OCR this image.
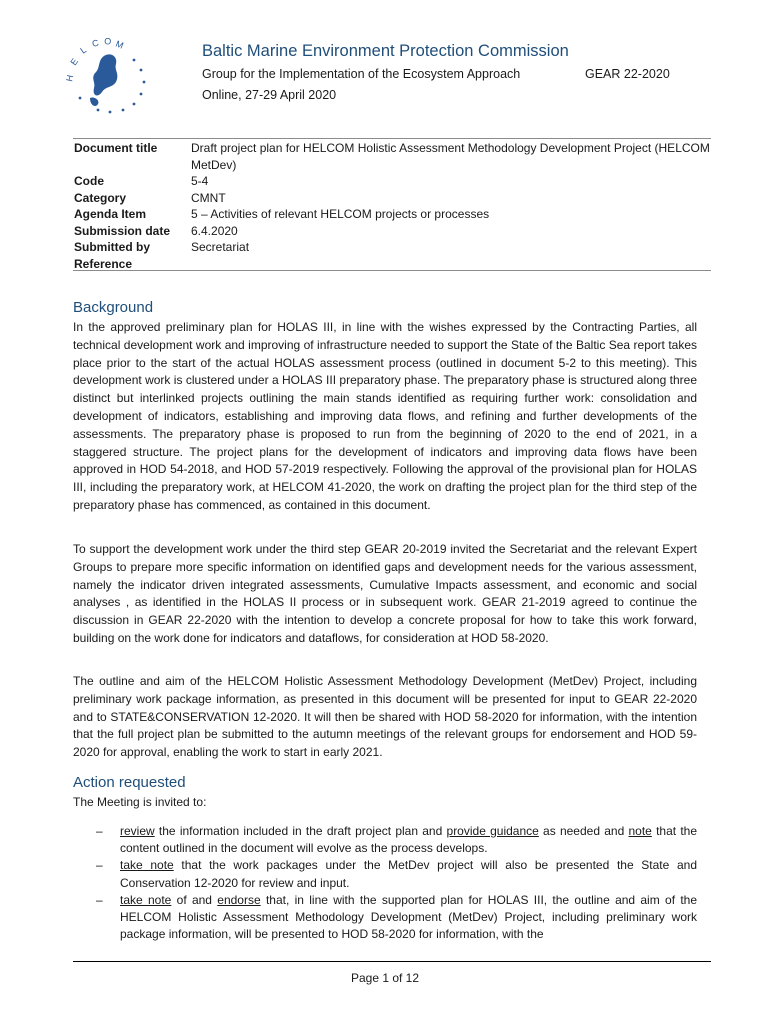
H
E
L
C O M	Baltic Marine Environment Protection Commission
Group for the Implementation of the Ecosystem Approach	GEAR 22-2020
Online, 27-29 April 2020
Document title	Draft project plan for HELCOM Holistic Assessment Methodology Development Project (HELCOM MetDev)
Code	5-4
Category	CMNT
Agenda Item	5 – Activities of relevant HELCOM projects or processes
Submission date	6.4.2020
Submitted by	Secretariat
Reference
Background

In the approved preliminary plan for HOLAS III, in line with the wishes expressed by the Contracting Parties, all technical development work and improving of infrastructure needed to support the State of the Baltic Sea report takes place prior to the start of the actual HOLAS assessment process (outlined in document 5-2 to this meeting). This development work is clustered under a HOLAS III preparatory phase. The preparatory phase is structured along three distinct but interlinked projects outlining the main stands identified as requiring further work: consolidation and development of indicators, establishing and improving data flows, and refining and further developments of the assessments. The preparatory phase is proposed to run from the beginning of 2020 to the end of 2021, in a staggered structure. The project plans for the development of indicators and improving data flows have been approved in HOD 54-2018, and HOD 57-2019 respectively. Following the approval of the provisional plan for HOLAS III, including the preparatory work, at HELCOM 41-2020, the work on drafting the project plan for the third step of the preparatory phase has commenced, as contained in this document.

To support the development work under the third step GEAR 20-2019 invited the Secretariat and the relevant Expert Groups to prepare more specific information on identified gaps and development needs for the various assessment, namely the indicator driven integrated assessments, Cumulative Impacts assessment, and economic and social analyses , as identified in the HOLAS II process or in subsequent work. GEAR 21-2019 agreed to continue the discussion in GEAR 22-2020 with the intention to develop a concrete proposal for how to take this work forward, building on the work done for indicators and dataflows, for consideration at HOD 58-2020.

The outline and aim of the HELCOM Holistic Assessment Methodology Development (MetDev) Project, including preliminary work package information, as presented in this document will be presented for input to GEAR 22-2020 and to STATE&CONSERVATION 12-2020. It will then be shared with HOD 58-2020 for information, with the intention that the full project plan be submitted to the autumn meetings of the relevant groups for endorsement and HOD 59-2020 for approval, enabling the work to start in early 2021.

Action requested
The Meeting is invited to:
– review the information included in the draft project plan and provide guidance as needed and note that the content outlined in the document will evolve as the process develops.
– take note that the work packages under the MetDev project will also be presented the State and Conservation 12-2020 for review and input.
– take note of and endorse that, in line with the supported plan for HOLAS III, the outline and aim of the HELCOM Holistic Assessment Methodology Development (MetDev) Project, including preliminary work package information, will be presented to HOD 58-2020 for information, with the
Page 1 of 12
